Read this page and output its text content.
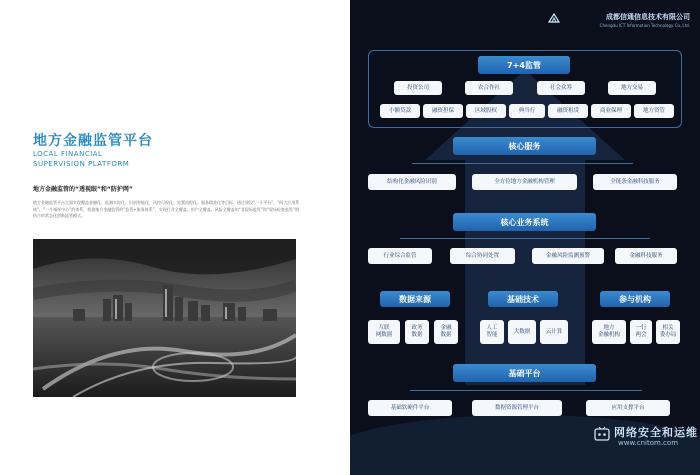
地方金融监管平台
LOCAL FINANCIAL
SUPERVISION PLATFORM
地方金融监管的“透视眼”和“防护网”
地方金融监管平台全面实现覆盖金融化、监测实时化、识别智能化、风控可视化、处置流程化、服务精准化等目标，通过建设“一个平台”、“四大应用系统”、“一个指挥中心”的体系，构建地方金融监管的“监管+服务体系”，实现行业全覆盖、用户全覆盖、风险全覆盖的“非现场监管”和“现场检查监管”相结合的常态化创新监管模式。
成都信通信息技术有限公司
Chengdu ICT Information Technology Co.,Ltd.
7+4监管
投资公司	农合作社	社会众筹	地方交易
小额贷款	融资担保	区域股权	典当行	融资租赁	商业保理	地方资管
核心服务
结构化金融风险识别	全方位地方金融机构管理	全链条金融科技服务
核心业务系统
行业综合监管	综合协同处置	金融风险监测预警	金融科技服务
数据来源
互联
网数据
政务
数据
金融
数据
基础技术
人工
智能
大数据	云计算
参与机构
地方
金融机构
一行
两会
相关
委办局
基础平台
基础软硬件平台	数据资源管理平台	应用支撑平台
网络安全和运维
www.cnitom.com
